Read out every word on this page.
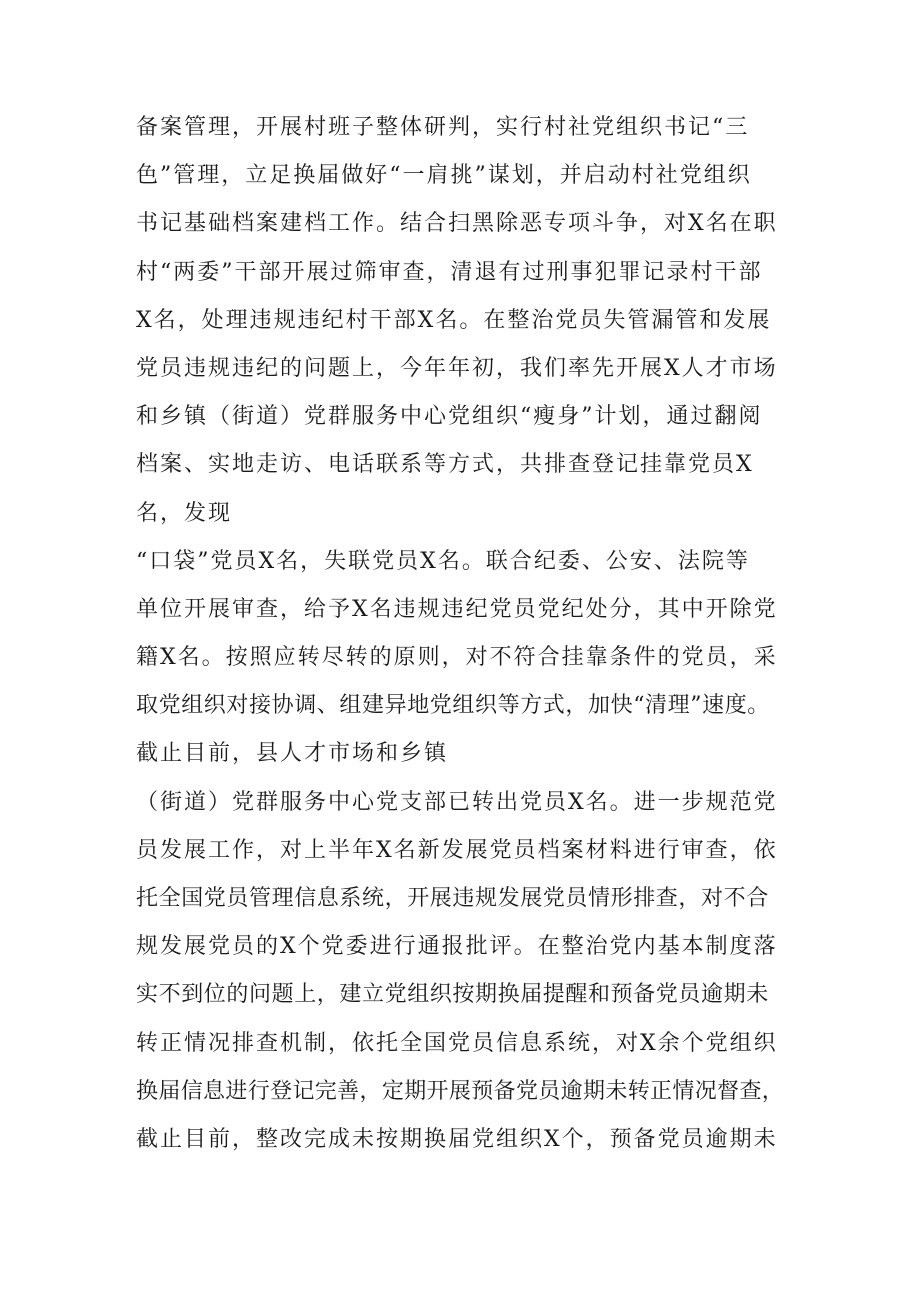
备案管理，开展村班子整体研判，实行村社党组织书记“三
色”管理，立足换届做好“一肩挑”谋划，并启动村社党组织
书记基础档案建档工作。结合扫黑除恶专项斗争，对X名在职
村“两委”干部开展过筛审查，清退有过刑事犯罪记录村干部
X名，处理违规违纪村干部X名。在整治党员失管漏管和发展
党员违规违纪的问题上，今年年初，我们率先开展X人才市场
和乡镇（街道）党群服务中心党组织“瘦身”计划，通过翻阅
档案、实地走访、电话联系等方式，共排查登记挂靠党员X
名，发现
“口袋”党员X名，失联党员X名。联合纪委、公安、法院等
单位开展审查，给予X名违规违纪党员党纪处分，其中开除党
籍X名。按照应转尽转的原则，对不符合挂靠条件的党员，采
取党组织对接协调、组建异地党组织等方式，加快“清理”速度。
截止目前，县人才市场和乡镇
（街道）党群服务中心党支部已转出党员X名。进一步规范党
员发展工作，对上半年X名新发展党员档案材料进行审查，依
托全国党员管理信息系统，开展违规发展党员情形排查，对不合
规发展党员的X个党委进行通报批评。在整治党内基本制度落
实不到位的问题上，建立党组织按期换届提醒和预备党员逾期未
转正情况排查机制，依托全国党员信息系统，对X余个党组织
换届信息进行登记完善，定期开展预备党员逾期未转正情况督查，
截止目前，整改完成未按期换届党组织X个，预备党员逾期未
